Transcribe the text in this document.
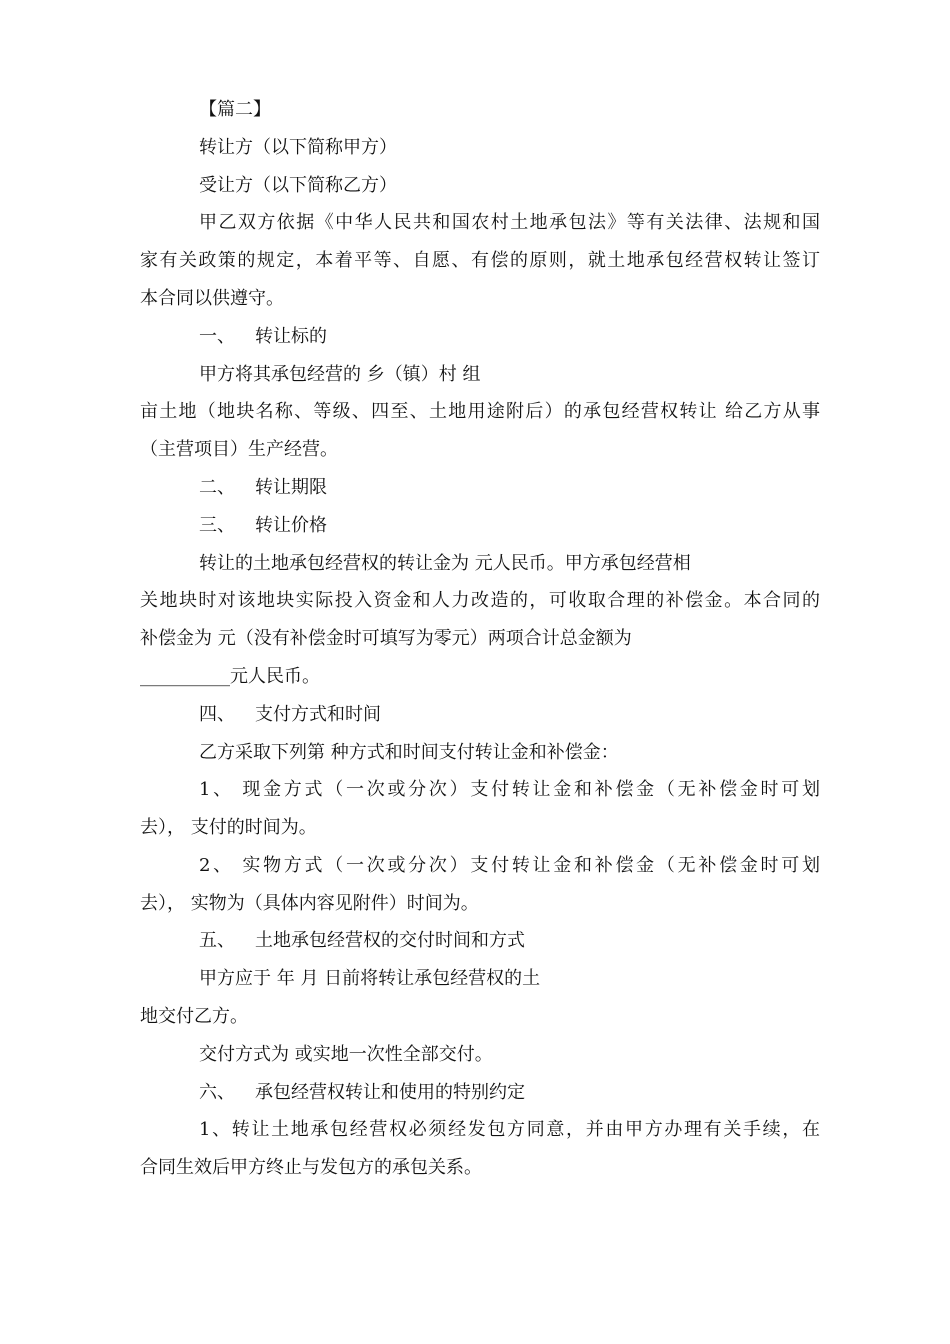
【篇二】
转让方（以下简称甲方）
受让方（以下简称乙方）
甲乙双方依据《中华人民共和国农村土地承包法》等有关法律、法规和国
家有关政策的规定，本着平等、自愿、有偿的原则，就土地承包经营权转让签订
本合同以供遵守。
一、 转让标的
甲方将其承包经营的 乡（镇）村 组
亩土地（地块名称、等级、四至、土地用途附后）的承包经营权转让 给乙方从事
（主营项目）生产经营。
二、 转让期限
三、 转让价格
转让的土地承包经营权的转让金为 元人民币。甲方承包经营相
关地块时对该地块实际投入资金和人力改造的，可收取合理的补偿金。本合同的
补偿金为 元（没有补偿金时可填写为零元）两项合计总金额为
__________元人民币。
四、 支付方式和时间
乙方采取下列第 种方式和时间支付转让金和补偿金：
1、 现金方式（一次或分次）支付转让金和补偿金（无补偿金时可划
去）， 支付的时间为。
2、 实物方式（一次或分次）支付转让金和补偿金（无补偿金时可划
去）， 实物为（具体内容见附件）时间为。
五、 土地承包经营权的交付时间和方式
甲方应于 年 月 日前将转让承包经营权的土
地交付乙方。
交付方式为 或实地一次性全部交付。
六、 承包经营权转让和使用的特别约定
1、转让土地承包经营权必须经发包方同意，并由甲方办理有关手续，在
合同生效后甲方终止与发包方的承包关系。
